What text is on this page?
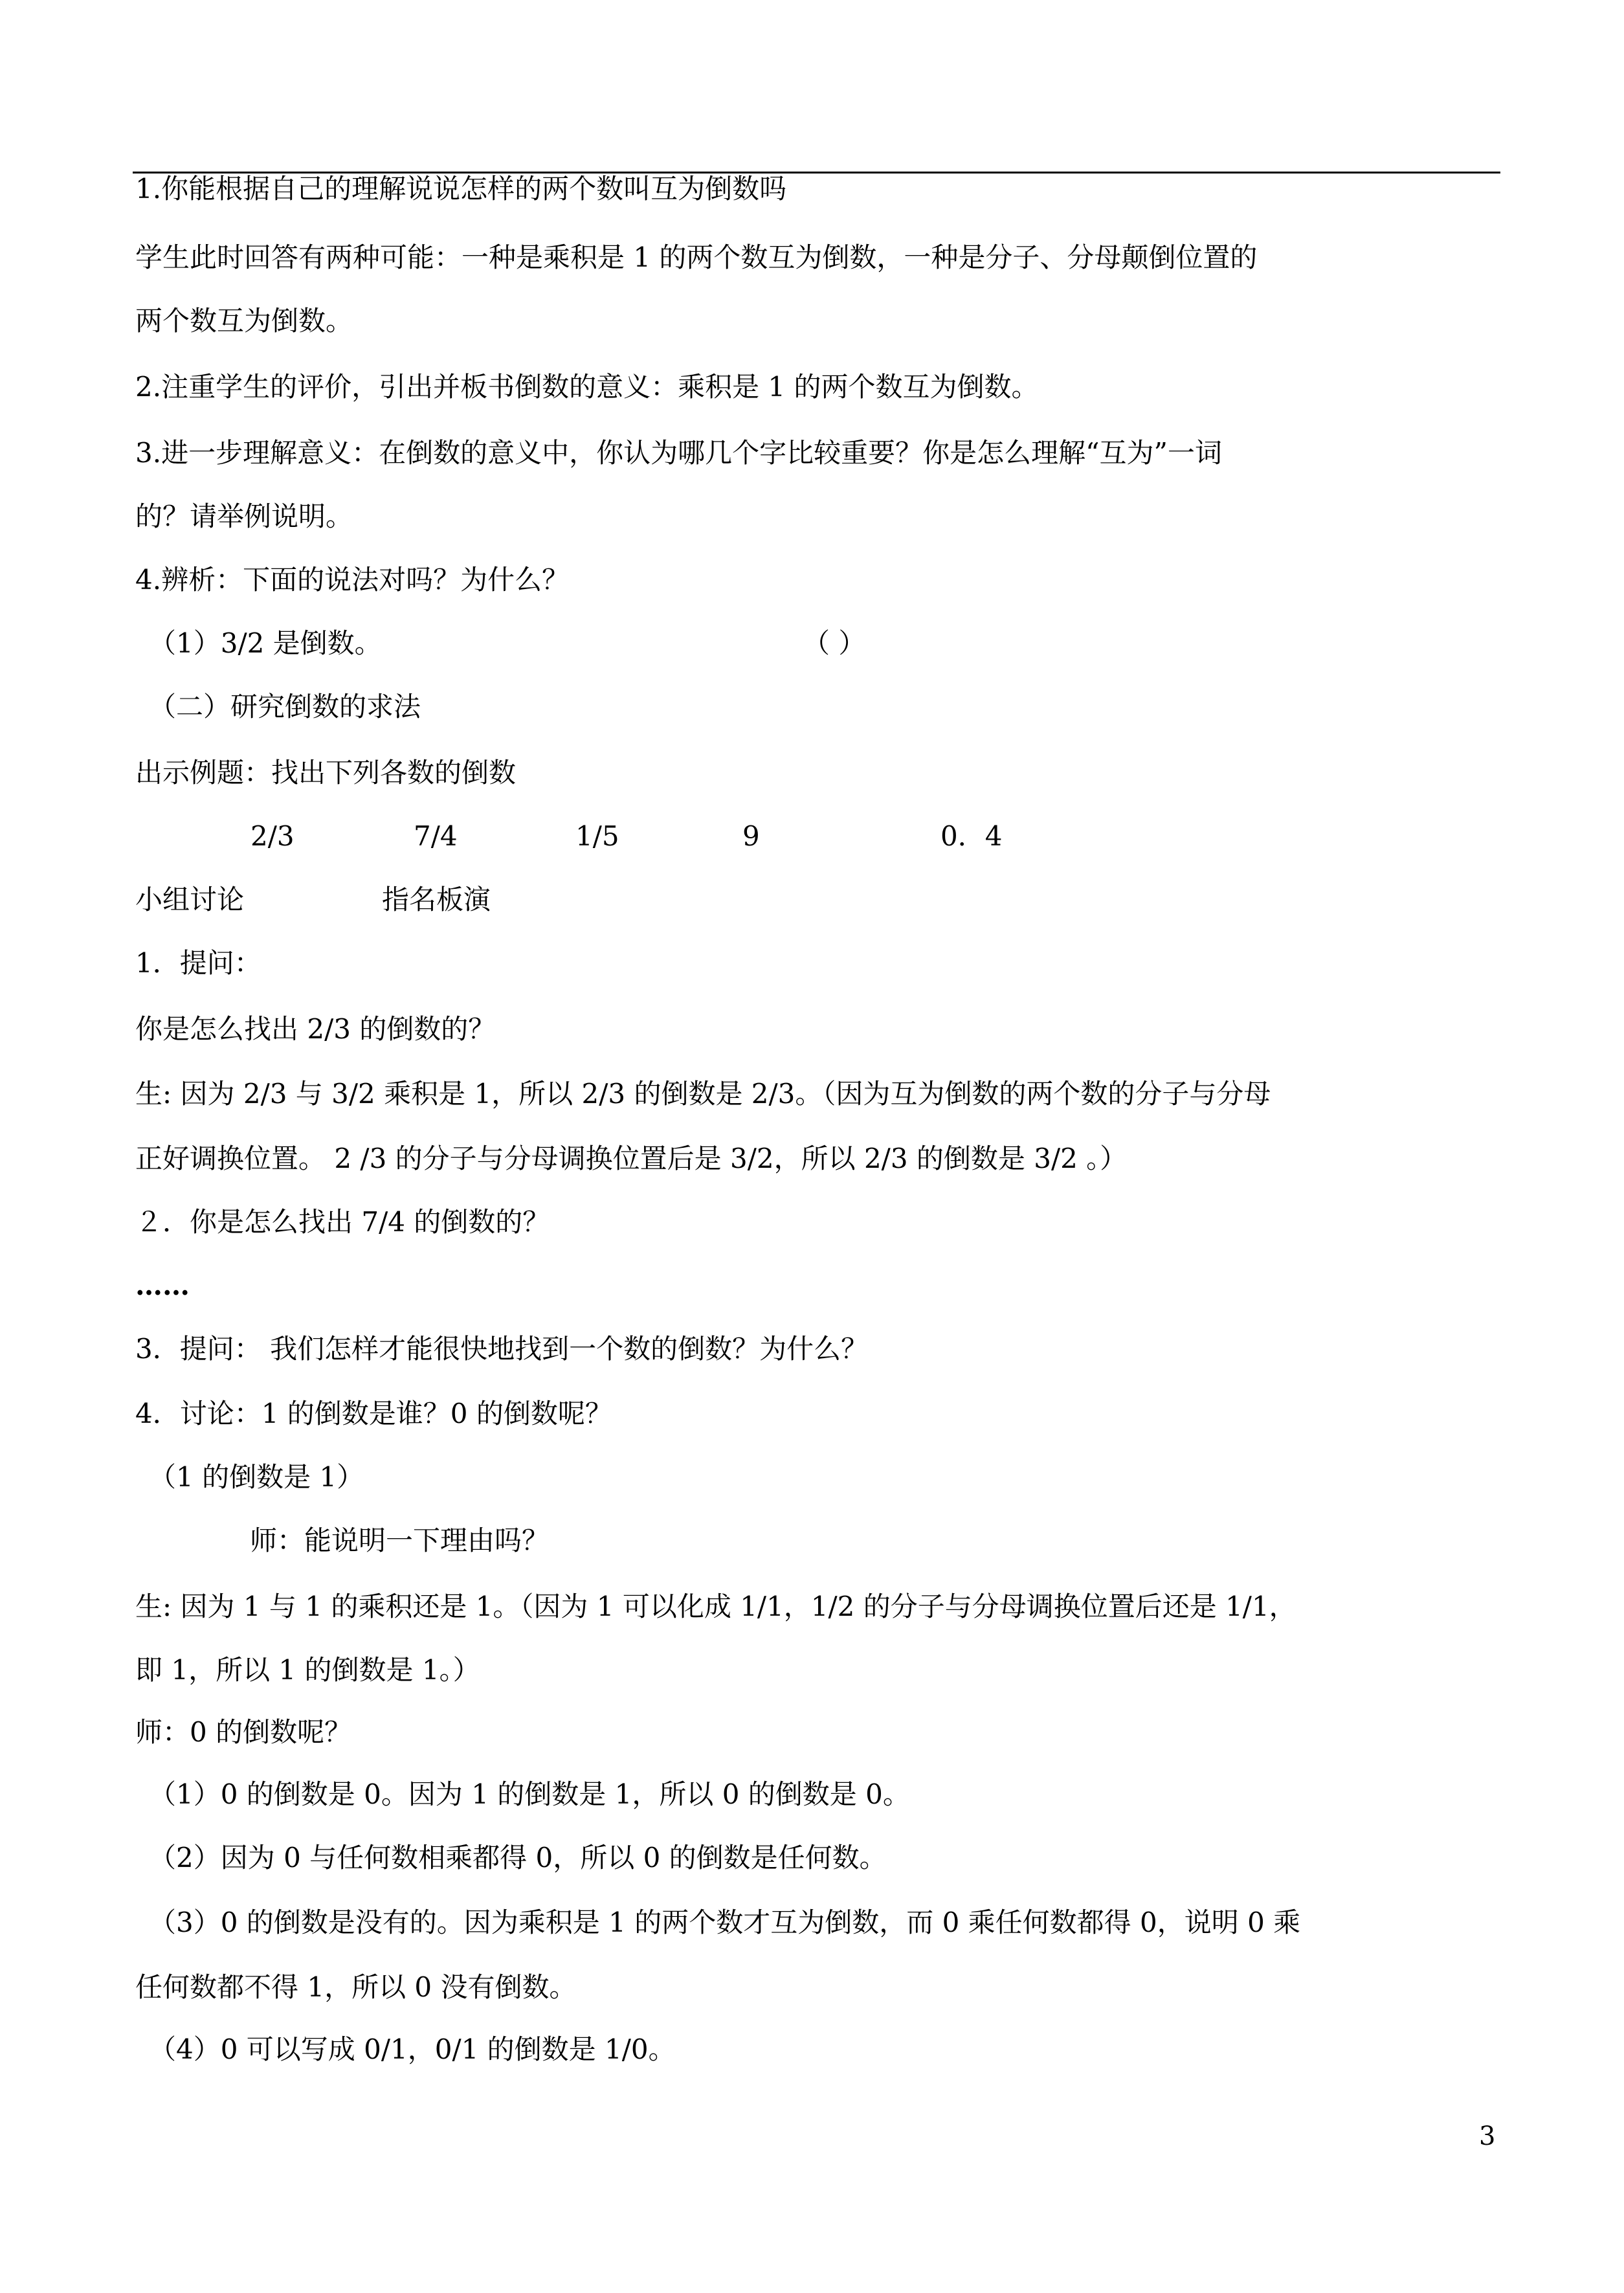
1.你能根据自己的理解说说怎样的两个数叫互为倒数吗
学生此时回答有两种可能：一种是乘积是 1 的两个数互为倒数，一种是分子、分母颠倒位置的
两个数互为倒数。
2.注重学生的评价，引出并板书倒数的意义：乘积是 1 的两个数互为倒数。
3.进一步理解意义：在倒数的意义中，你认为哪几个字比较重要？你是怎么理解“互为”一词
的？请举例说明。
4.辨析：下面的说法对吗？为什么？
（1）3/2 是倒数。	（ ）
（二）研究倒数的求法
出示例题：找出下列各数的倒数
2/3	7/4	1/5	9	0．4
小组讨论	指名板演
1．提问：
你是怎么找出 2/3 的倒数的？
生: 因为 2/3 与 3/2 乘积是 1，所以 2/3 的倒数是 2/3。（因为互为倒数的两个数的分子与分母
正好调换位置。 2 /3 的分子与分母调换位置后是 3/2，所以 2/3 的倒数是 3/2 。）
２．你是怎么找出 7/4 的倒数的？
……
3．提问： 我们怎样才能很快地找到一个数的倒数？为什么？
4．讨论：1 的倒数是谁？0 的倒数呢？
（1 的倒数是 1）
师：能说明一下理由吗？
生: 因为 1 与 1 的乘积还是 1。（因为 1 可以化成 1/1，1/2 的分子与分母调换位置后还是 1/1，
即 1，所以 1 的倒数是 1。）
师：0 的倒数呢？
（1）0 的倒数是 0。因为 1 的倒数是 1，所以 0 的倒数是 0。
（2）因为 0 与任何数相乘都得 0，所以 0 的倒数是任何数。
（3）0 的倒数是没有的。因为乘积是 1 的两个数才互为倒数，而 0 乘任何数都得 0，说明 0 乘
任何数都不得 1，所以 0 没有倒数。
（4）0 可以写成 0/1，0/1 的倒数是 1/0。
3
